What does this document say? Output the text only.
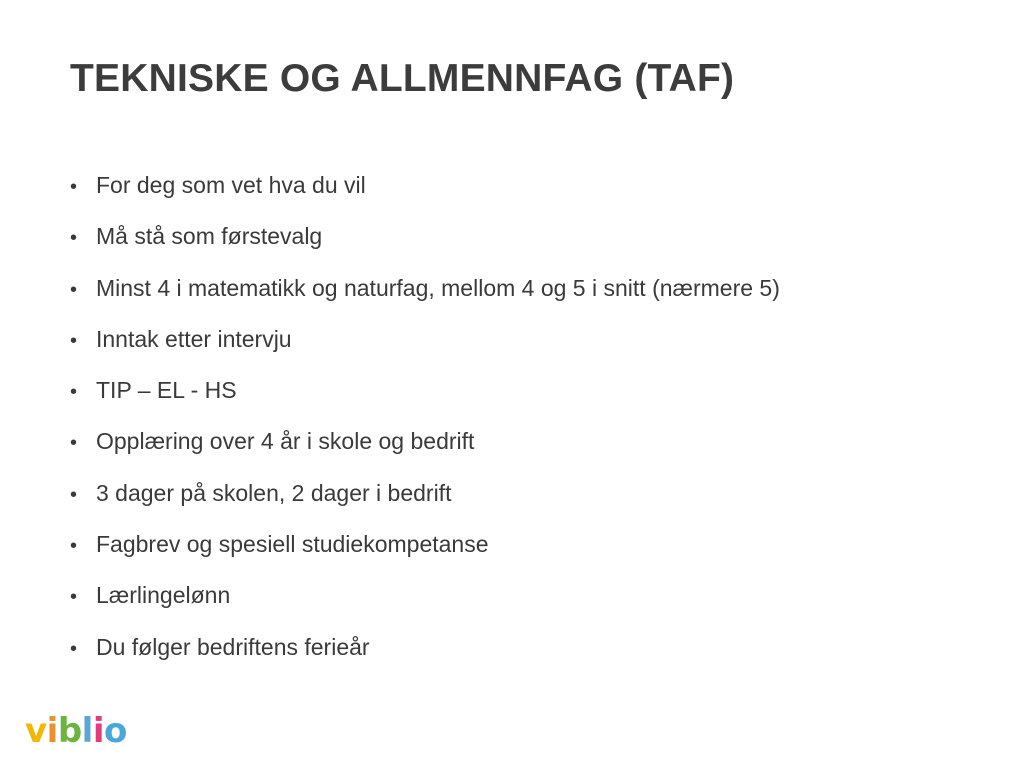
TEKNISKE OG ALLMENNFAG (TAF)
• For deg som vet hva du vil
• Må stå som førstevalg
• Minst 4 i matematikk og naturfag, mellom 4 og 5 i snitt (nærmere 5)
• Inntak etter intervju
• TIP – EL - HS
• Opplæring over 4 år i skole og bedrift
• 3 dager på skolen, 2 dager i bedrift
• Fagbrev og spesiell studiekompetanse
• Lærlingelønn
• Du følger bedriftens ferieår
viblio
